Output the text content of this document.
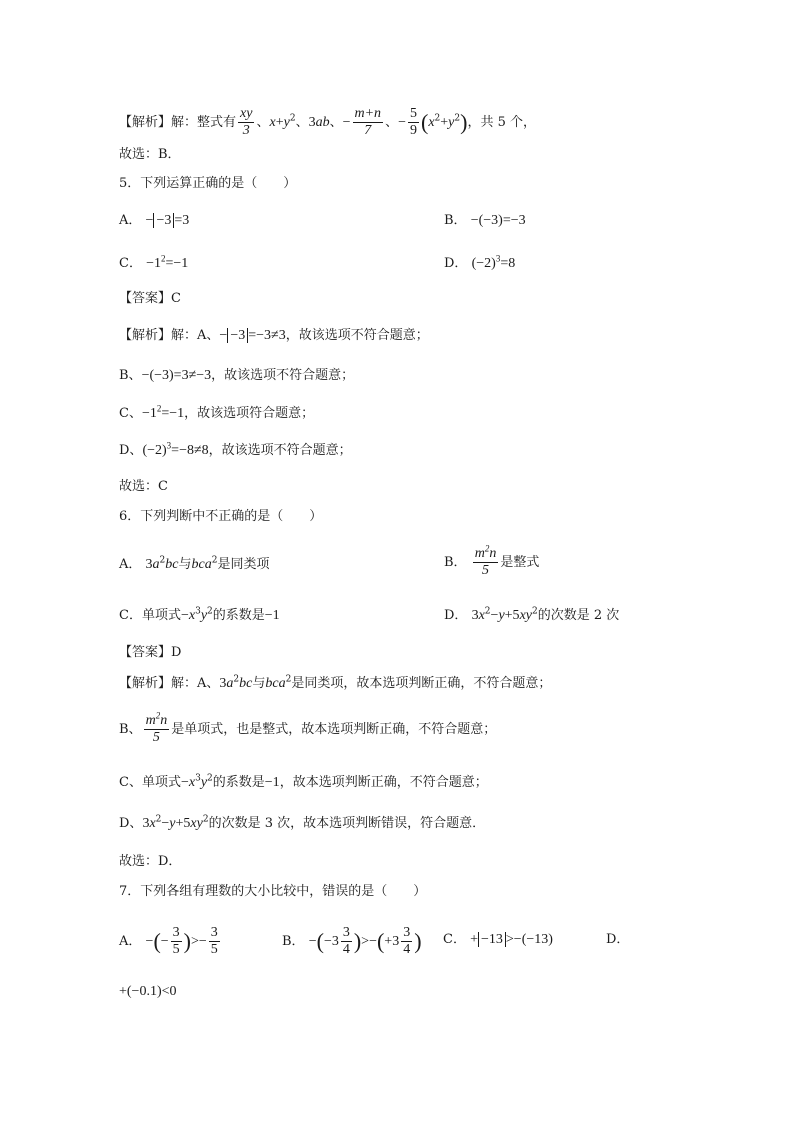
【解析】解：整式有 $\frac{xy}{3}$ 、$x+y^2$、3ab、− $\frac{m+n}{7}$ 、− $\frac{5}{9} (x^2+y^2)$，共 5 个，
故选：B．
5．下列运算正确的是（　　）
A． − −3 =3	B． −(−3)=−3
C． $-1^2=-1$	D． $(-2)^3=8$
【答案】C
【解析】解：A、− −3 =−3≠3，故该选项不符合题意；
B、−(−3)=3≠−3，故该选项不符合题意；
C、$-1^2=-1$，故该选项符合题意；
D、$(-2)^3=-8\ne 8$，故该选项不符合题意；
故选：C
6．下列判断中不正确的是（　　）
A． $3a^2bc$与bca$^2$是同类项	B． $\frac{m^2n}{5}$ 是整式
C．单项式$-x^3y^2$的系数是−1	D． $3x^2-y+5xy^2$的次数是 2 次
【答案】D
【解析】解：A、$3a^2bc$与bca$^2$是同类项，故本选项判断正确，不符合题意；
B、 $\frac{m^2n}{5}$ 是单项式，也是整式，故本选项判断正确，不符合题意；
C、单项式$-x^3y^2$的系数是−1，故本选项判断正确，不符合题意；
D、$3x^2-y+5xy^2$的次数是 3 次，故本选项判断错误，符合题意．
故选：D．
7．下列各组有理数的大小比较中，错误的是（　　）
A． −(− $\frac{3}{5}$ )>− $\frac{3}{5}$	B． $-(-3 \frac{3}{4} )>-(+3 \frac{3}{4}$ ) C． + −13 >−(−13)	D．
+(−0.1)<0
